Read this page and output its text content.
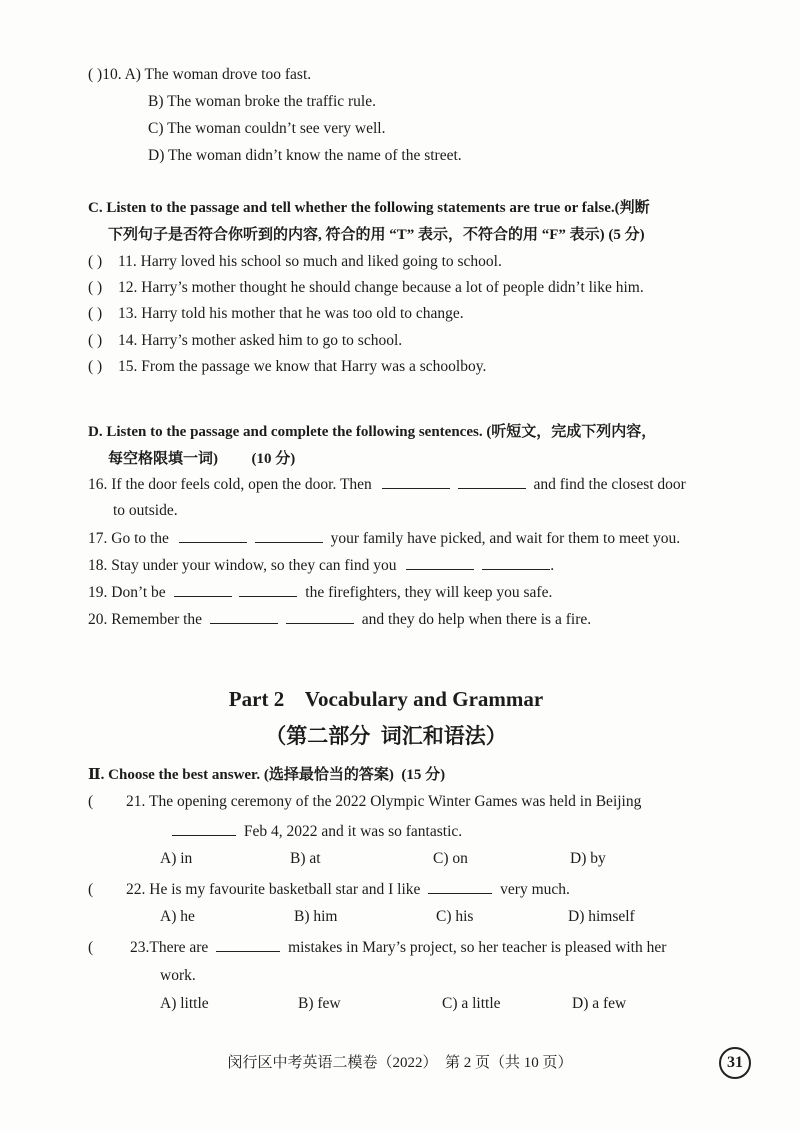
( )10. A) The woman drove too fast.
B) The woman broke the traffic rule.
C) The woman couldn’t see very well.
D) The woman didn’t know the name of the street.
C. Listen to the passage and tell whether the following statements are true or false.(判断
下列句子是否符合你听到的内容, 符合的用 “T” 表示，不符合的用 “F” 表示) (5 分)
( ) 11. Harry loved his school so much and liked going to school.
( ) 12. Harry’s mother thought he should change because a lot of people didn’t like him.
( ) 13. Harry told his mother that he was too old to change.
( ) 14. Harry’s mother asked him to go to school.
( ) 15. From the passage we know that Harry was a schoolboy.
D. Listen to the passage and complete the following sentences. (听短文，完成下列内容，
每空格限填一词) (10 分)
16. If the door feels cold, open the door. Then	and find the closest door
to outside.
17. Go to the	your family have picked, and wait for them to meet you.
18. Stay under your window, so they can find you	.
19. Don’t be	the firefighters, they will keep you safe.
20. Remember the	and they do help when there is a fire.
Part 2    Vocabulary and Grammar
（第二部分  词汇和语法）
Ⅱ. Choose the best answer. (选择最恰当的答案)  (15 分)
( 21. The opening ceremony of the 2022 Olympic Winter Games was held in Beijing
Feb 4, 2022 and it was so fantastic.
A) in	B) at	C) on	D) by
( 22. He is my favourite basketball star and I like	very much.
A) he	B) him	C) his	D) himself
( 23.There are	mistakes in Mary’s project, so her teacher is pleased with her
work.
A) little	B) few	C) a little	D) a few
闵行区中考英语二模卷（2022）  第 2 页（共 10 页）	31
